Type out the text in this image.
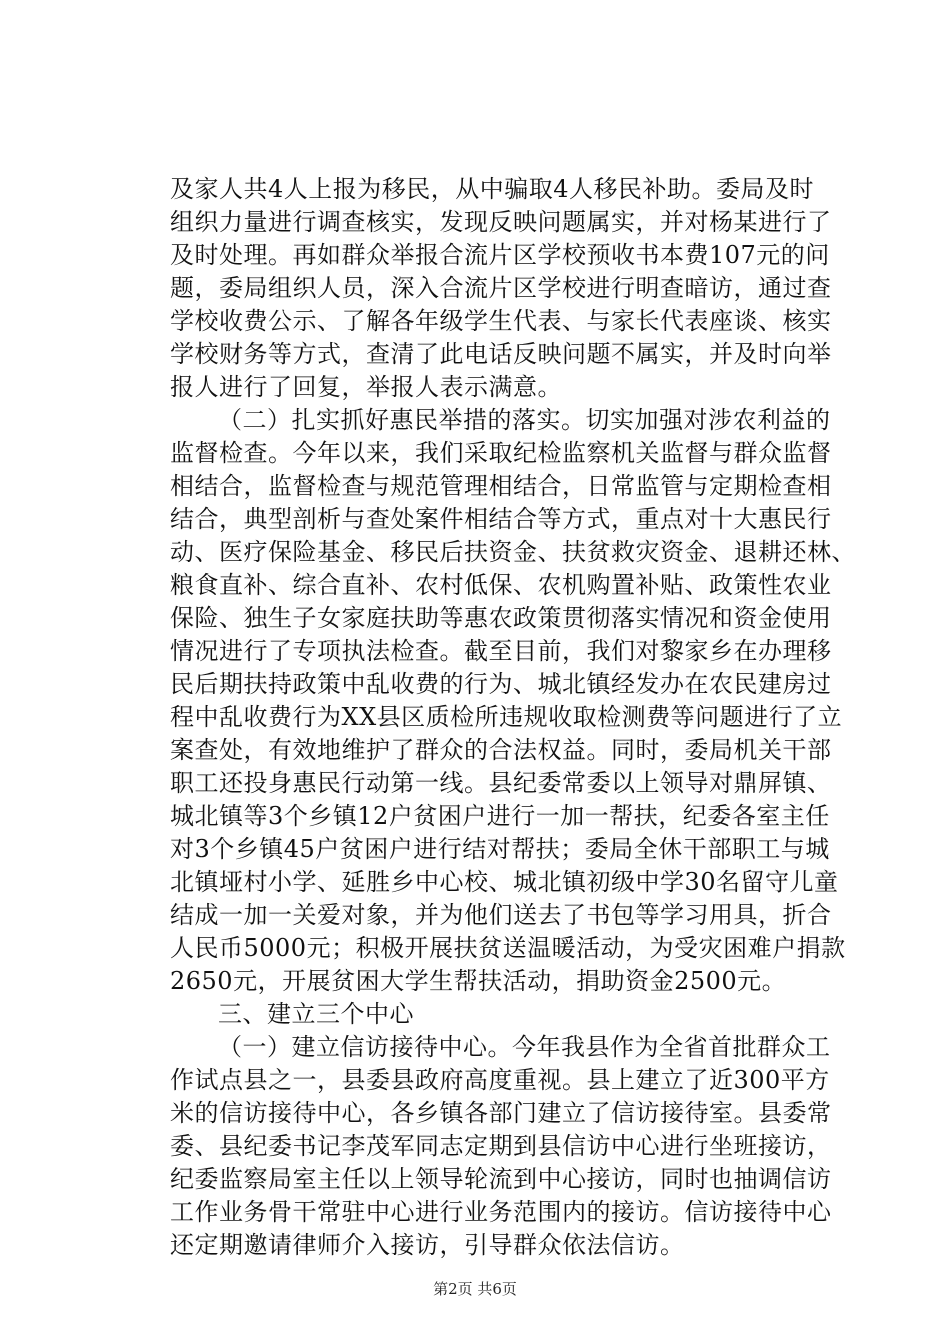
及家人共4人上报为移民，从中骗取4人移民补助。委局及时
组织力量进行调查核实，发现反映问题属实，并对杨某进行了
及时处理。再如群众举报合流片区学校预收书本费107元的问
题，委局组织人员，深入合流片区学校进行明查暗访，通过查
学校收费公示、了解各年级学生代表、与家长代表座谈、核实
学校财务等方式，查清了此电话反映问题不属实，并及时向举
报人进行了回复，举报人表示满意。
（二）扎实抓好惠民举措的落实。切实加强对涉农利益的
监督检查。今年以来，我们采取纪检监察机关监督与群众监督
相结合，监督检查与规范管理相结合，日常监管与定期检查相
结合，典型剖析与查处案件相结合等方式，重点对十大惠民行
动、医疗保险基金、移民后扶资金、扶贫救灾资金、退耕还林、
粮食直补、综合直补、农村低保、农机购置补贴、政策性农业
保险、独生子女家庭扶助等惠农政策贯彻落实情况和资金使用
情况进行了专项执法检查。截至目前，我们对黎家乡在办理移
民后期扶持政策中乱收费的行为、城北镇经发办在农民建房过
程中乱收费行为XX县区质检所违规收取检测费等问题进行了立
案查处，有效地维护了群众的合法权益。同时，委局机关干部
职工还投身惠民行动第一线。县纪委常委以上领导对鼎屏镇、
城北镇等3个乡镇12户贫困户进行一加一帮扶，纪委各室主任
对3个乡镇45户贫困户进行结对帮扶；委局全休干部职工与城
北镇垭村小学、延胜乡中心校、城北镇初级中学30名留守儿童
结成一加一关爱对象，并为他们送去了书包等学习用具，折合
人民币5000元；积极开展扶贫送温暖活动，为受灾困难户捐款
2650元，开展贫困大学生帮扶活动，捐助资金2500元。
三、建立三个中心
（一）建立信访接待中心。今年我县作为全省首批群众工
作试点县之一，县委县政府高度重视。县上建立了近300平方
米的信访接待中心，各乡镇各部门建立了信访接待室。县委常
委、县纪委书记李茂军同志定期到县信访中心进行坐班接访，
纪委监察局室主任以上领导轮流到中心接访，同时也抽调信访
工作业务骨干常驻中心进行业务范围内的接访。信访接待中心
还定期邀请律师介入接访，引导群众依法信访。
第2页 共6页
